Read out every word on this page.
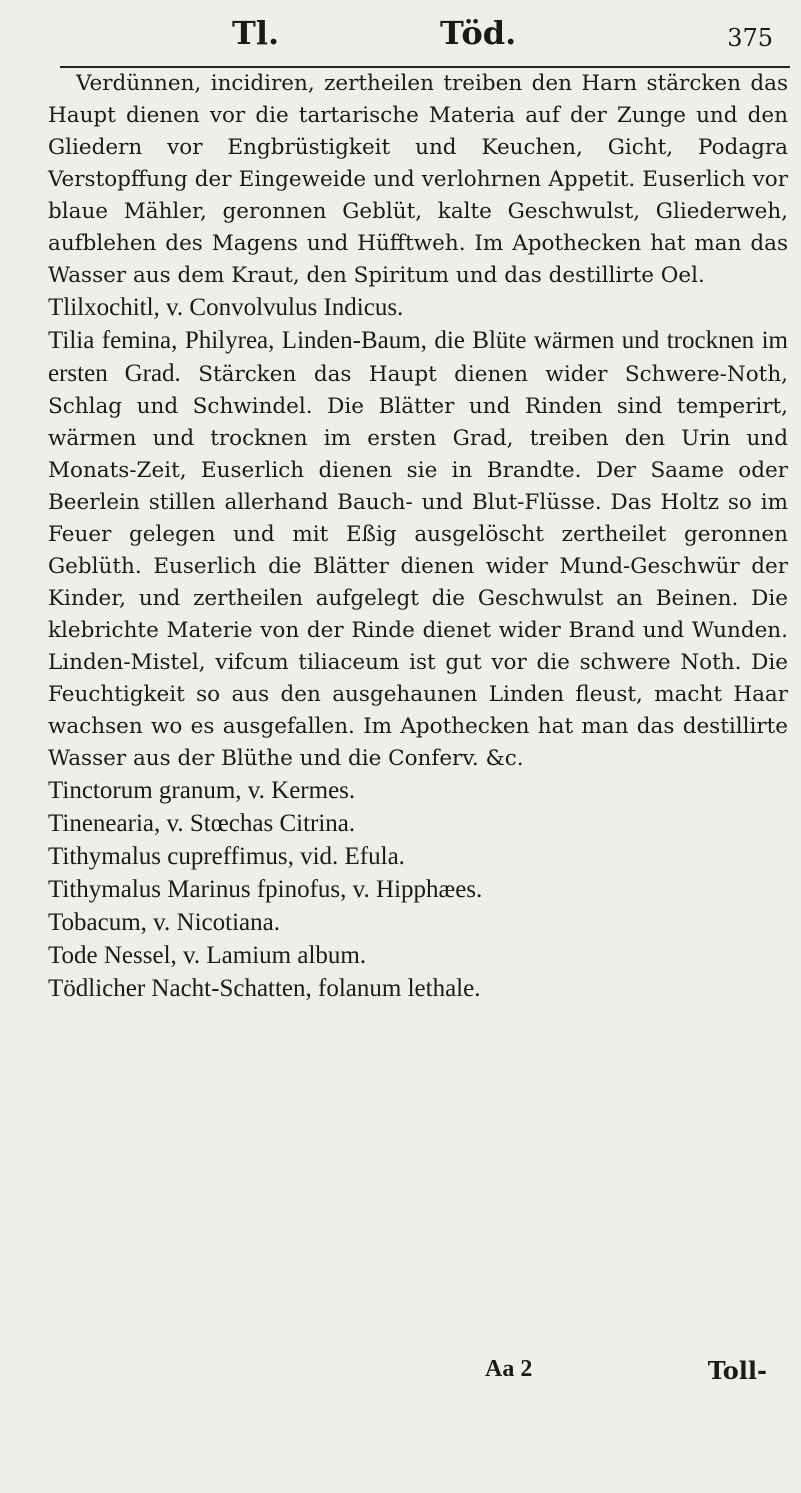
Tl.	Töd.	375

Verdünnen, incidiren, zertheilen treiben den Harn stärcken das Haupt dienen vor die tartarische Materia auf der Zunge und den Gliedern vor Engbrüstigkeit und Keuchen, Gicht, Podagra Verstopffung der Eingeweide und verlohrnen Appetit. Euserlich vor blaue Mähler, geronnen Geblüt, kalte Geschwulst, Gliederweh, aufblehen des Magens und Hüfftweh. Im Apothecken hat man das Wasser aus dem Kraut, den Spiritum und das destillirte Oel.

Tlilxochitl, v. Convolvulus Indicus.

Tilia femina, Philyrea, Linden-Baum, die Blüte wärmen und trocknen im ersten Grad. Stärcken das Haupt dienen wider Schwere-Noth, Schlag und Schwindel. Die Blätter und Rinden sind temperirt, wärmen und trocknen im ersten Grad, treiben den Urin und Monats-Zeit, Euserlich dienen sie in Brandte. Der Saame oder Beerlein stillen allerhand Bauch- und Blut-Flüsse. Das Holtz so im Feuer gelegen und mit Eßig ausgelöscht zertheilet geronnen Geblüth. Euserlich die Blätter dienen wider Mund-Geschwür der Kinder, und zertheilen aufgelegt die Geschwulst an Beinen. Die klebrichte Materie von der Rinde dienet wider Brand und Wunden. Linden-Mistel, vifcum tiliaceum ist gut vor die schwere Noth. Die Feuchtigkeit so aus den ausgehaunen Linden fleust, macht Haar wachsen wo es ausgefallen. Im Apothecken hat man das destillirte Wasser aus der Blüthe und die Conferv. &c.

Tinctorum granum, v. Kermes.

Tinenearia, v. Stœchas Citrina.

Tithymalus cupreffimus, vid. Efula.

Tithymalus Marinus fpinofus, v. Hipphæes.

Tobacum, v. Nicotiana.

Tode Nessel, v. Lamium album.

Tödlicher Nacht-Schatten, folanum lethale.

Aa 2	Toll-
